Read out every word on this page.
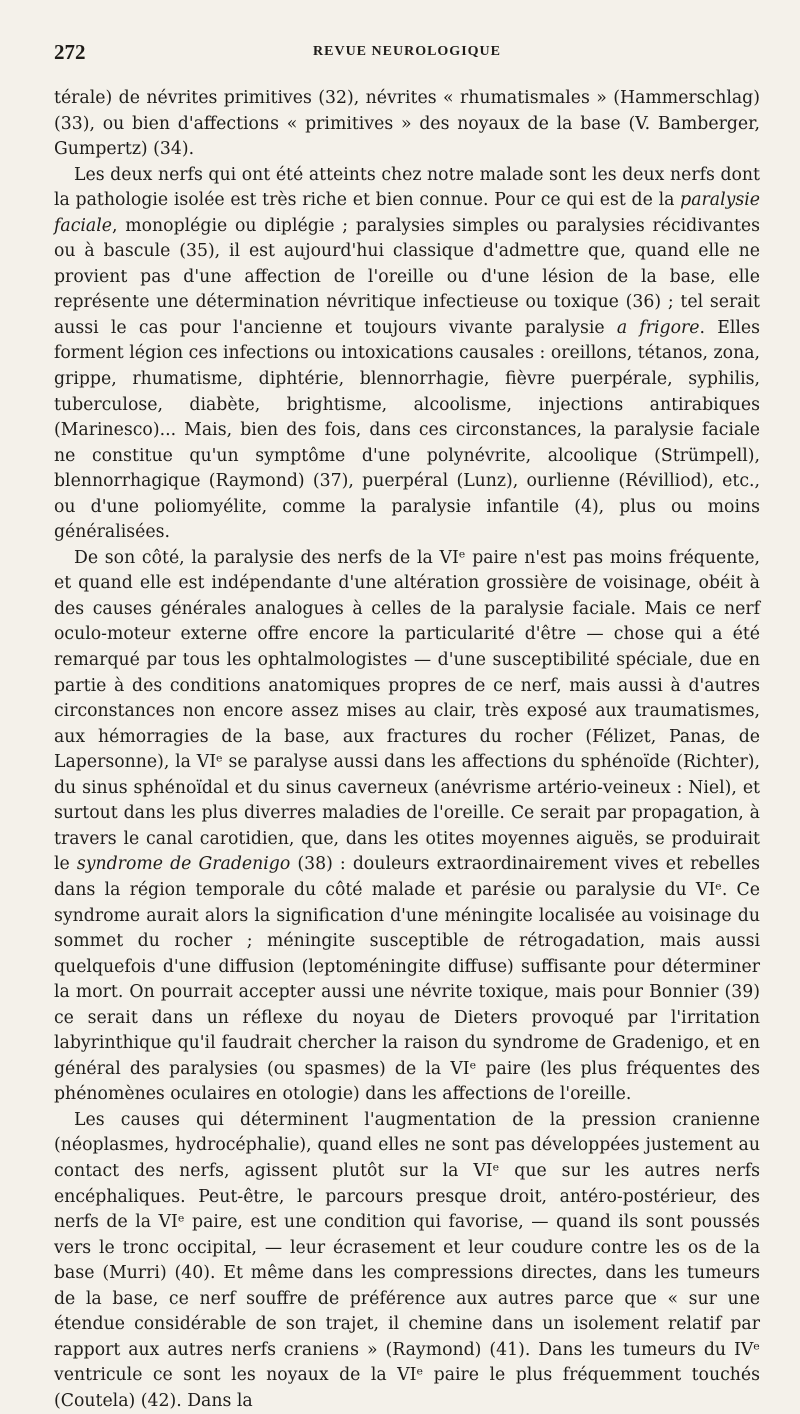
272	REVUE NEUROLOGIQUE

térale) de névrites primitives (32), névrites « rhumatismales » (Hammerschlag) (33), ou bien d'affections « primitives » des noyaux de la base (V. Bamberger, Gumpertz) (34).

Les deux nerfs qui ont été atteints chez notre malade sont les deux nerfs dont la pathologie isolée est très riche et bien connue. Pour ce qui est de la paralysie faciale, monoplégie ou diplégie ; paralysies simples ou paralysies récidivantes ou à bascule (35), il est aujourd'hui classique d'admettre que, quand elle ne provient pas d'une affection de l'oreille ou d'une lésion de la base, elle représente une détermination névritique infectieuse ou toxique (36) ; tel serait aussi le cas pour l'ancienne et toujours vivante paralysie a frigore. Elles forment légion ces infections ou intoxications causales : oreillons, tétanos, zona, grippe, rhumatisme, diphtérie, blennorrhagie, fièvre puerpérale, syphilis, tuberculose, diabète, brightisme, alcoolisme, injections antirabiques (Marinesco)... Mais, bien des fois, dans ces circonstances, la paralysie faciale ne constitue qu'un symptôme d'une polynévrite, alcoolique (Strümpell), blennorrhagique (Raymond) (37), puerpéral (Lunz), ourlienne (Révilliod), etc., ou d'une poliomyélite, comme la paralysie infantile (4), plus ou moins généralisées.

De son côté, la paralysie des nerfs de la VIᵉ paire n'est pas moins fréquente, et quand elle est indépendante d'une altération grossière de voisinage, obéit à des causes générales analogues à celles de la paralysie faciale. Mais ce nerf oculo-moteur externe offre encore la particularité d'être — chose qui a été remarqué par tous les ophtalmologistes — d'une susceptibilité spéciale, due en partie à des conditions anatomiques propres de ce nerf, mais aussi à d'autres circonstances non encore assez mises au clair, très exposé aux traumatismes, aux hémorragies de la base, aux fractures du rocher (Félizet, Panas, de Lapersonne), la VIᵉ se paralyse aussi dans les affections du sphénoïde (Richter), du sinus sphénoïdal et du sinus caverneux (anévrisme artério-veineux : Niel), et surtout dans les plus diverres maladies de l'oreille. Ce serait par propagation, à travers le canal carotidien, que, dans les otites moyennes aiguës, se produirait le syndrome de Gradenigo (38) : douleurs extraordinairement vives et rebelles dans la région temporale du côté malade et parésie ou paralysie du VIᵉ. Ce syndrome aurait alors la signification d'une méningite localisée au voisinage du sommet du rocher ; méningite susceptible de rétrogadation, mais aussi quelquefois d'une diffusion (leptoméningite diffuse) suffisante pour déterminer la mort. On pourrait accepter aussi une névrite toxique, mais pour Bonnier (39) ce serait dans un réflexe du noyau de Dieters provoqué par l'irritation labyrinthique qu'il faudrait chercher la raison du syndrome de Gradenigo, et en général des paralysies (ou spasmes) de la VIᵉ paire (les plus fréquentes des phénomènes oculaires en otologie) dans les affections de l'oreille.

Les causes qui déterminent l'augmentation de la pression cranienne (néoplasmes, hydrocéphalie), quand elles ne sont pas développées justement au contact des nerfs, agissent plutôt sur la VIᵉ que sur les autres nerfs encéphaliques. Peut-être, le parcours presque droit, antéro-postérieur, des nerfs de la VIᵉ paire, est une condition qui favorise, — quand ils sont poussés vers le tronc occipital, — leur écrasement et leur coudure contre les os de la base (Murri) (40). Et même dans les compressions directes, dans les tumeurs de la base, ce nerf souffre de préférence aux autres parce que « sur une étendue considérable de son trajet, il chemine dans un isolement relatif par rapport aux autres nerfs craniens » (Raymond) (41). Dans les tumeurs du IVᵉ ventricule ce sont les noyaux de la VIᵉ paire le plus fréquemment touchés (Coutela) (42). Dans la
